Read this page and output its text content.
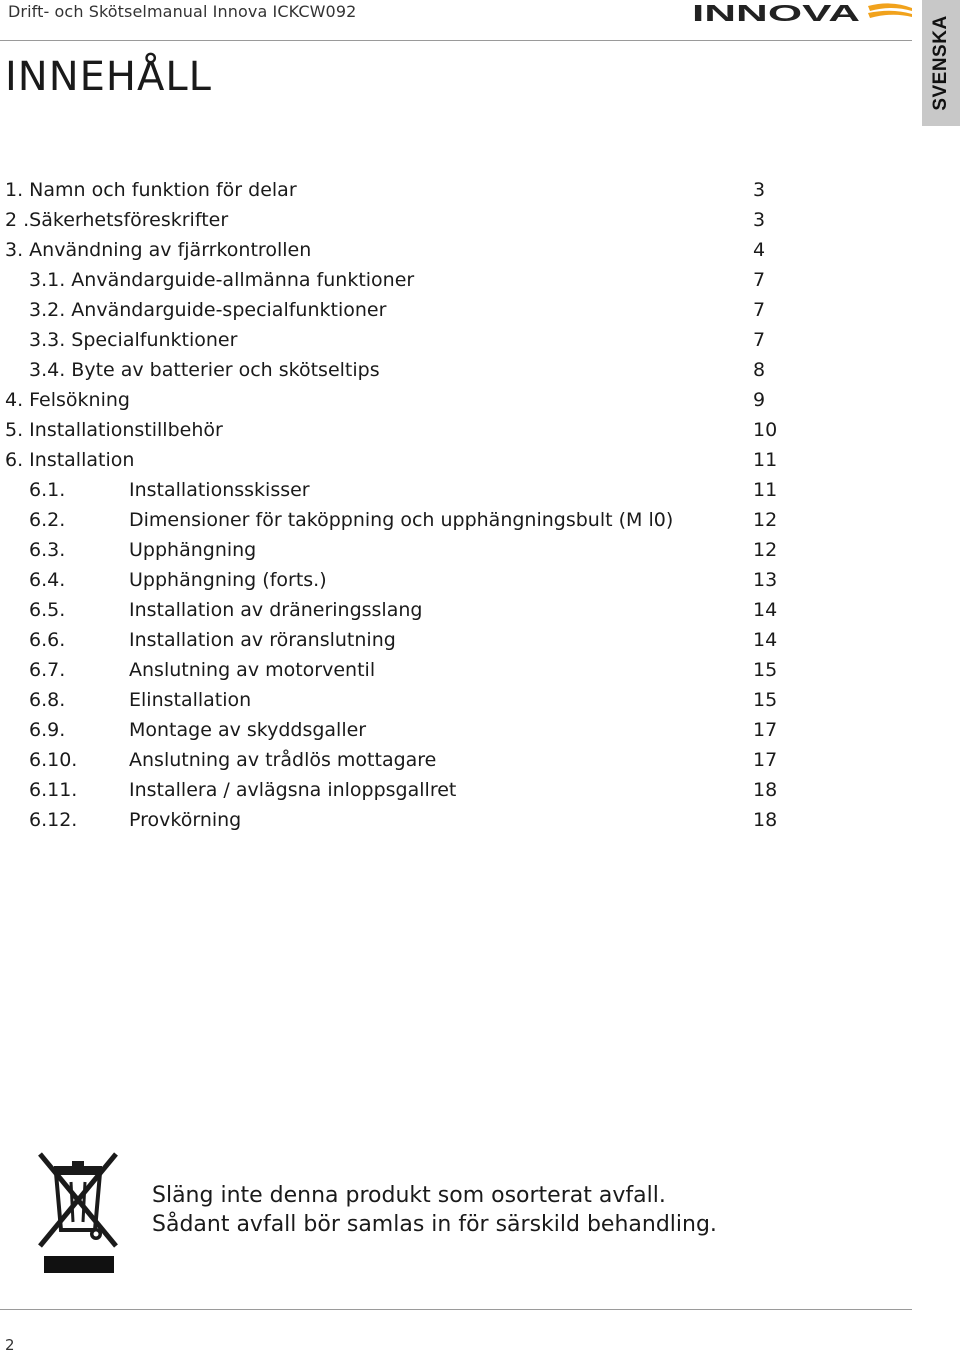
Drift- och Skötselmanual Innova ICKCW092	INNOVA
SVENSKA
INNEHÅLL
1. Namn och funktion för delar	3
2 .Säkerhetsföreskrifter	3
3. Användning av fjärrkontrollen	4
3.1. Användarguide-allmänna funktioner	7
3.2. Användarguide-specialfunktioner	7
3.3. Specialfunktioner	7
3.4. Byte av batterier och skötseltips	8
4. Felsökning	9
5. Installationstillbehör	10
6. Installation	11
6.1.	Installationsskisser	11
6.2.	Dimensioner för taköppning och upphängningsbult (M l0)	12
6.3.	Upphängning	12
6.4.	Upphängning (forts.)	13
6.5.	Installation av dräneringsslang	14
6.6.	Installation av röranslutning	14
6.7.	Anslutning av motorventil	15
6.8.	Elinstallation	15
6.9.	Montage av skyddsgaller	17
6.10.	Anslutning av trådlös mottagare	17
6.11.	Installera / avlägsna inloppsgallret	18
6.12.	Provkörning	18
Släng inte denna produkt som osorterat avfall.
Sådant avfall bör samlas in för särskild behandling.
2
